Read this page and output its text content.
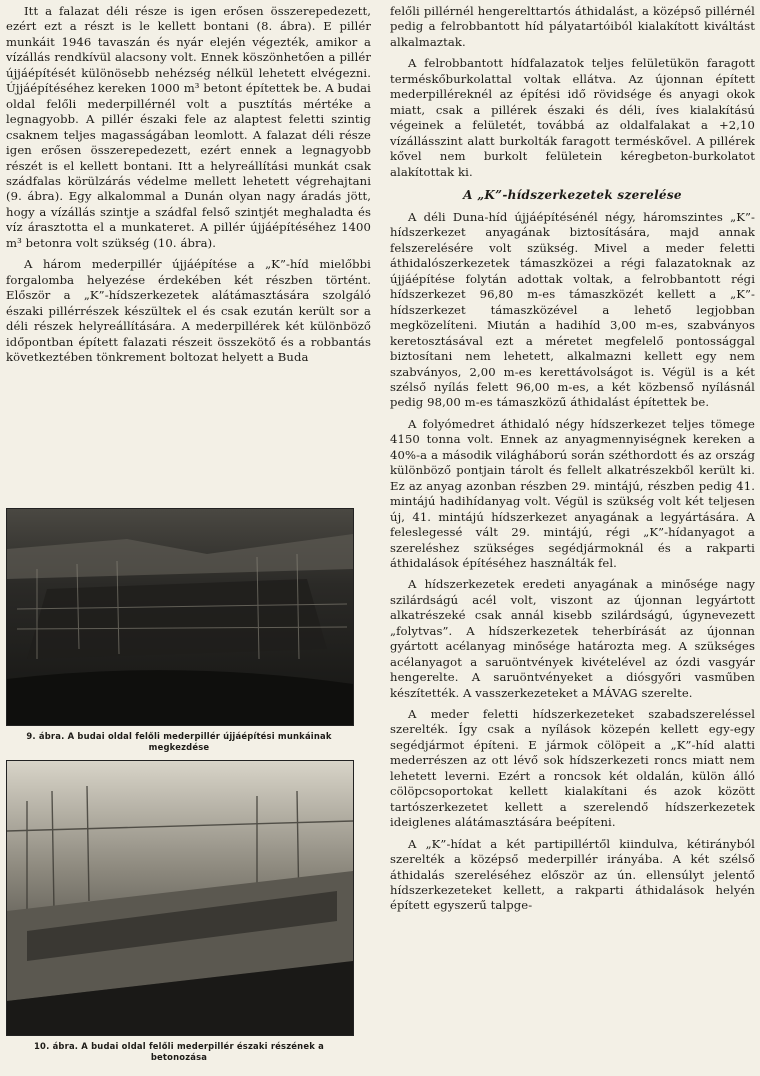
Itt a falazat déli része is igen erősen összerepedezett, ezért ezt a részt is le kellett bontani (8. ábra). E pillér munkáit 1946 tavaszán és nyár elején végezték, amikor a vízállás rendkívül alacsony volt. Ennek köszönhetően a pillér újjáépítését különösebb nehézség nélkül lehetett elvégezni. Újjáépítéséhez kereken 1000 m³ betont építettek be. A budai oldal felőli mederpillérnél volt a pusztítás mértéke a legnagyobb. A pillér északi fele az alaptest feletti szintig csaknem teljes magasságában leomlott. A falazat déli része igen erősen összerepedezett, ezért ennek a legnagyobb részét is el kellett bontani. Itt a helyreállítási munkát csak szádfalas körülzárás védelme mellett lehetett végrehajtani (9. ábra). Egy alkalommal a Dunán olyan nagy áradás jött, hogy a vízállás szintje a szádfal felső szintjét meghaladta és víz árasztotta el a munkateret. A pillér újjáépítéséhez 1400 m³ betonra volt szükség (10. ábra).

A három mederpillér újjáépítése a „K”-híd mielőbbi forgalomba helyezése érdekében két részben történt. Először a „K”-hídszerkezetek alátámasztására szolgáló északi pillérrészek készültek el és csak ezután került sor a déli részek helyreállítására. A mederpillérek két különböző időpontban épített falazati részeit összekötő és a robbantás következtében tönkrement boltozat helyett a Buda

9. ábra. A budai oldal felőli mederpillér újjáépítési munkáinak megkezdése
10. ábra. A budai oldal felőli mederpillér északi részének a betonozása

felőli pillérnél hengerelttartós áthidalást, a középső pillérnél pedig a felrobbantott híd pályatartóiból kialakított kiváltást alkalmaztak.

A felrobbantott hídfalazatok teljes felületükön faragott terméskőburkolattal voltak ellátva. Az újonnan épített mederpilléreknél az építési idő rövidsége és anyagi okok miatt, csak a pillérek északi és déli, íves kialakítású végeinek a felületét, továbbá az oldalfalakat a +2,10 vízállásszint alatt burkolták faragott terméskővel. A pillérek kővel nem burkolt felületein kéregbeton-burkolatot alakítottak ki.

A „K”-hídszerkezetek szerelése

A déli Duna-híd újjáépítésénél négy, háromszintes „K”-hídszerkezet anyagának biztosítására, majd annak felszerelésére volt szükség. Mivel a meder feletti áthidalószerkezetek támaszközei a régi falazatoknak az újjáépítése folytán adottak voltak, a felrobbantott régi hídszerkezet 96,80 m-es támaszközét kellett a „K”-hídszerkezet támaszközével a lehető legjobban megközelíteni. Miután a hadihíd 3,00 m-es, szabványos keretosztásával ezt a méretet megfelelő pontossággal biztosítani nem lehetett, alkalmazni kellett egy nem szabványos, 2,00 m-es kerettávolságot is. Végül is a két szélső nyílás felett 96,00 m-es, a két közbenső nyílásnál pedig 98,00 m-es támaszközű áthidalást építettek be.

A folyómedret áthidaló négy hídszerkezet teljes tömege 4150 tonna volt. Ennek az anyagmennyiségnek kereken a 40%-a a második világháború során széthordott és az ország különböző pontjain tárolt és fellelt alkatrészekből került ki. Ez az anyag azonban részben 29. mintájú, részben pedig 41. mintájú hadihídanyag volt. Végül is szükség volt két teljesen új, 41. mintájú hídszerkezet anyagának a legyártására. A feleslegessé vált 29. mintájú, régi „K”-hídanyagot a szereléshez szükséges segédjármoknál és a rakparti áthidalások építéséhez használták fel.

A hídszerkezetek eredeti anyagának a minősége nagy szilárdságú acél volt, viszont az újonnan legyártott alkatrészeké csak annál kisebb szilárdságú, úgynevezett „folytvas”. A hídszerkezetek teherbírását az újonnan gyártott acélanyag minősége határozta meg. A szükséges acélanyagot a saruöntvények kivételével az ózdi vasgyár hengerelte. A saruöntvényeket a diósgyőri vasműben készítették. A vasszerkezeteket a MÁVAG szerelte.

A meder feletti hídszerkezeteket szabadszereléssel szerelték. Így csak a nyílások közepén kellett egy-egy segédjármot építeni. E jármok cölöpeit a „K”-híd alatti mederrészen az ott lévő sok hídszerkezeti roncs miatt nem lehetett leverni. Ezért a roncsok két oldalán, külön álló cölöpcsoportokat kellett kialakítani és azok között tartószerkezetet kellett a szerelendő hídszerkezetek ideiglenes alátámasztására beépíteni.

A „K”-hídat a két partipillértől kiindulva, kétirányból szerelték a középső mederpillér irányába. A két szélső áthidalás szereléséhez először az ún. ellensúlyt jelentő hídszerkezeteket kellett, a rakparti áthidalások helyén épített egyszerű talpge-
